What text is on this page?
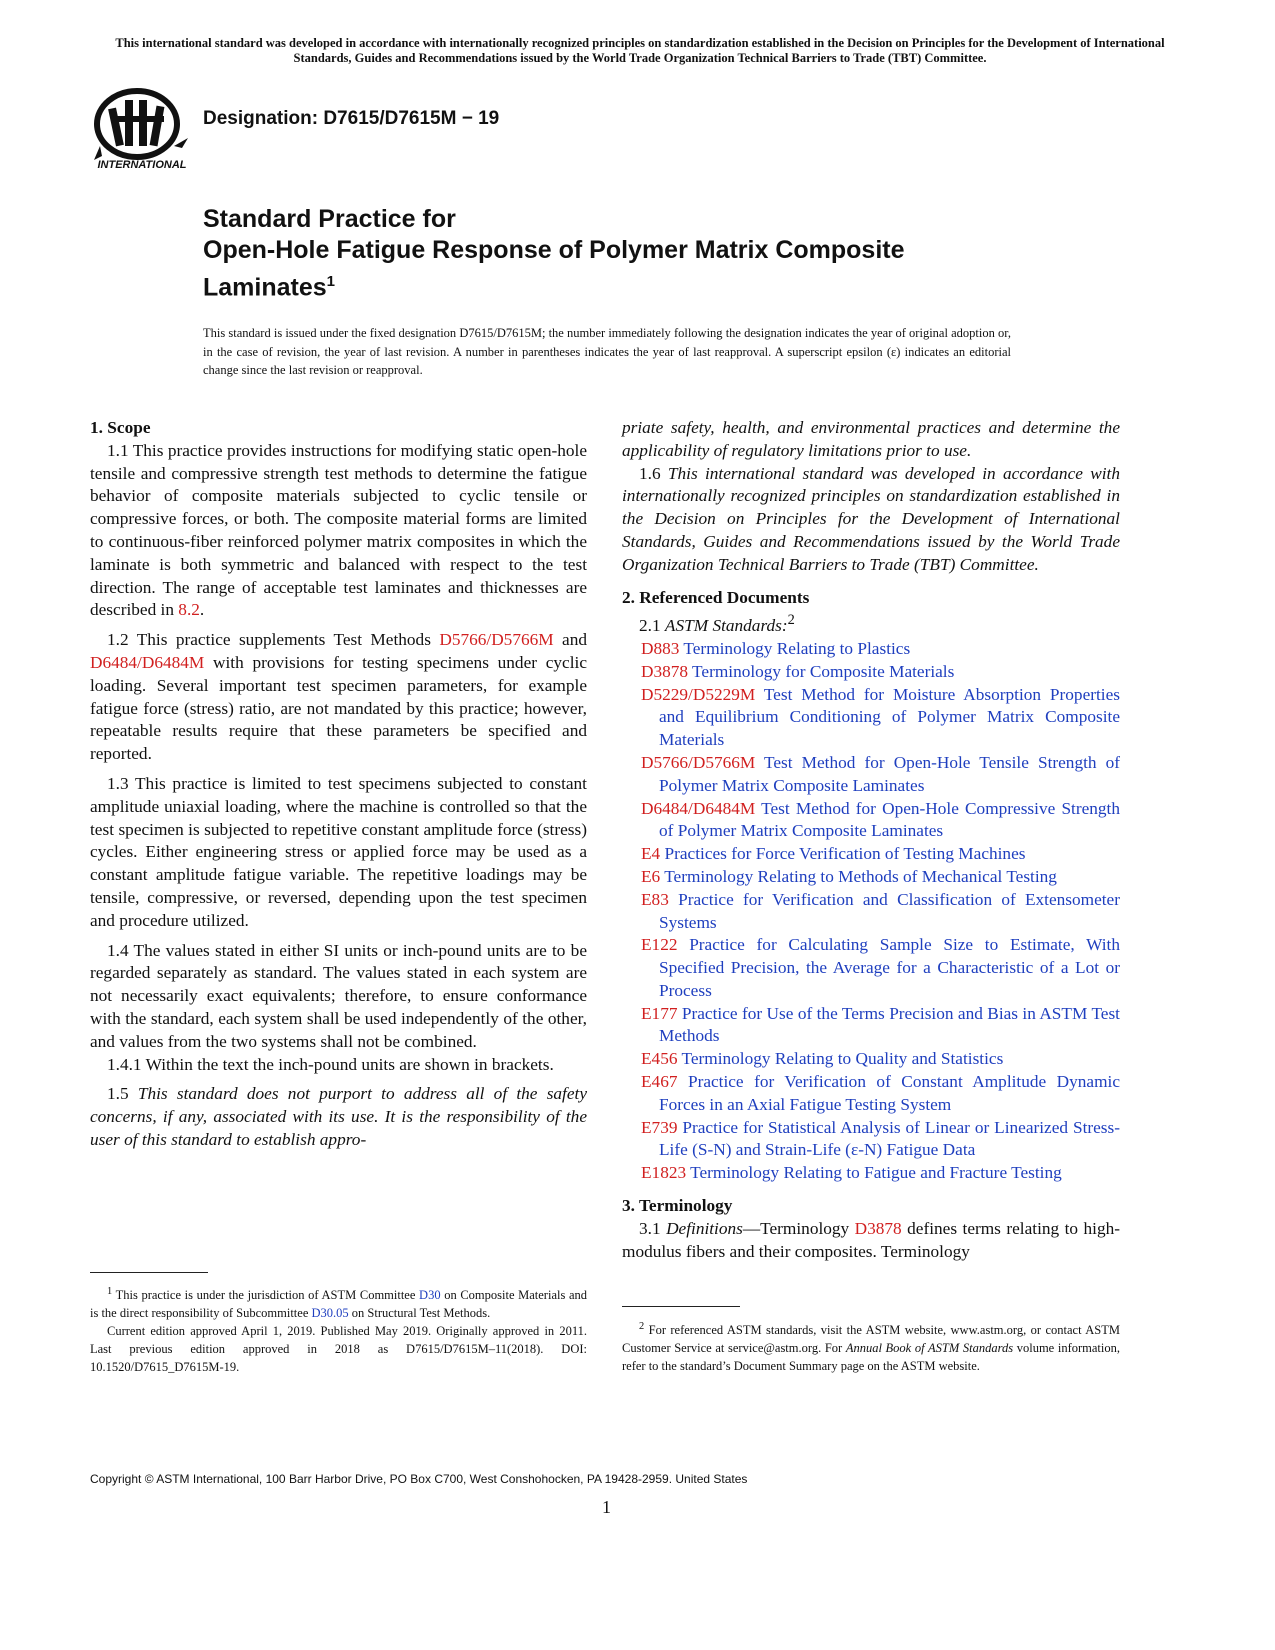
This international standard was developed in accordance with internationally recognized principles on standardization established in the Decision on Principles for the Development of International Standards, Guides and Recommendations issued by the World Trade Organization Technical Barriers to Trade (TBT) Committee.
INTERNATIONAL
Designation: D7615/D7615M − 19
Standard Practice for
Open-Hole Fatigue Response of Polymer Matrix Composite
Laminates$^1$
This standard is issued under the fixed designation D7615/D7615M; the number immediately following the designation indicates the year of original adoption or, in the case of revision, the year of last revision. A number in parentheses indicates the year of last reapproval. A superscript epsilon (ε) indicates an editorial change since the last revision or reapproval.

1. Scope

1.1 This practice provides instructions for modifying static open-hole tensile and compressive strength test methods to determine the fatigue behavior of composite materials subjected to cyclic tensile or compressive forces, or both. The composite material forms are limited to continuous-fiber reinforced polymer matrix composites in which the laminate is both symmetric and balanced with respect to the test direction. The range of acceptable test laminates and thicknesses are described in 8.2.

1.2 This practice supplements Test Methods D5766/D5766M and D6484/D6484M with provisions for testing specimens under cyclic loading. Several important test specimen parameters, for example fatigue force (stress) ratio, are not mandated by this practice; however, repeatable results require that these parameters be specified and reported.

1.3 This practice is limited to test specimens subjected to constant amplitude uniaxial loading, where the machine is controlled so that the test specimen is subjected to repetitive constant amplitude force (stress) cycles. Either engineering stress or applied force may be used as a constant amplitude fatigue variable. The repetitive loadings may be tensile, compressive, or reversed, depending upon the test specimen and procedure utilized.

1.4 The values stated in either SI units or inch-pound units are to be regarded separately as standard. The values stated in each system are not necessarily exact equivalents; therefore, to ensure conformance with the standard, each system shall be used independently of the other, and values from the two systems shall not be combined.

1.4.1 Within the text the inch-pound units are shown in brackets.

1.5 This standard does not purport to address all of the safety concerns, if any, associated with its use. It is the responsibility of the user of this standard to establish appro-

$^1$ This practice is under the jurisdiction of ASTM Committee D30 on Composite Materials and is the direct responsibility of Subcommittee D30.05 on Structural Test Methods.

Current edition approved April 1, 2019. Published May 2019. Originally approved in 2011. Last previous edition approved in 2018 as D7615/D7615M–11(2018). DOI: 10.1520/D7615_D7615M-19.

priate safety, health, and environmental practices and determine the applicability of regulatory limitations prior to use.

1.6 This international standard was developed in accordance with internationally recognized principles on standardization established in the Decision on Principles for the Development of International Standards, Guides and Recommendations issued by the World Trade Organization Technical Barriers to Trade (TBT) Committee.

2. Referenced Documents

2.1 ASTM Standards:$^2$

D883 Terminology Relating to Plastics

D3878 Terminology for Composite Materials

D5229/D5229M Test Method for Moisture Absorption Properties and Equilibrium Conditioning of Polymer Matrix Composite Materials

D5766/D5766M Test Method for Open-Hole Tensile Strength of Polymer Matrix Composite Laminates

D6484/D6484M Test Method for Open-Hole Compressive Strength of Polymer Matrix Composite Laminates

E4 Practices for Force Verification of Testing Machines

E6 Terminology Relating to Methods of Mechanical Testing

E83 Practice for Verification and Classification of Extensometer Systems

E122 Practice for Calculating Sample Size to Estimate, With Specified Precision, the Average for a Characteristic of a Lot or Process

E177 Practice for Use of the Terms Precision and Bias in ASTM Test Methods

E456 Terminology Relating to Quality and Statistics

E467 Practice for Verification of Constant Amplitude Dynamic Forces in an Axial Fatigue Testing System

E739 Practice for Statistical Analysis of Linear or Linearized Stress-Life (S-N) and Strain-Life (ε-N) Fatigue Data

E1823 Terminology Relating to Fatigue and Fracture Testing

3. Terminology

3.1 Definitions—Terminology D3878 defines terms relating to high-modulus fibers and their composites. Terminology

$^2$ For referenced ASTM standards, visit the ASTM website, www.astm.org, or contact ASTM Customer Service at service@astm.org. For Annual Book of ASTM Standards volume information, refer to the standard’s Document Summary page on the ASTM website.

Copyright © ASTM International, 100 Barr Harbor Drive, PO Box C700, West Conshohocken, PA 19428-2959. United States
1
